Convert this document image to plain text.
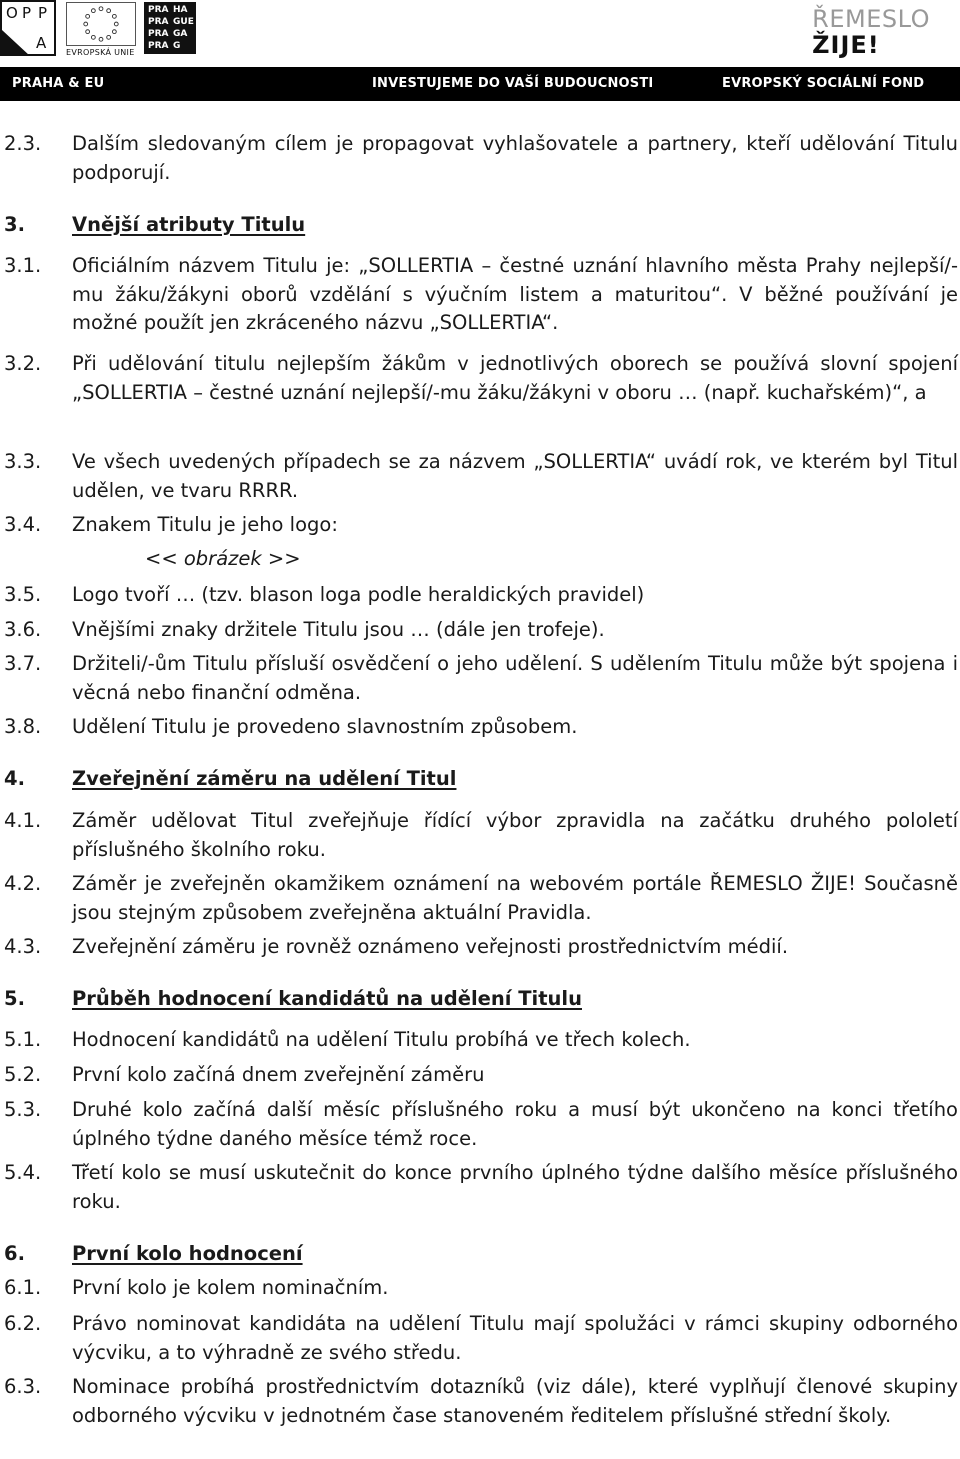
O P P
A
EVROPSKÁ UNIE
PRA HA
PRA GUE
PRA GA
PRA G
ŘEMESLO
ŽIJE!
PRAHA & EU	INVESTUJEME DO VAŠÍ BUDOUCNOSTI	EVROPSKÝ SOCIÁLNÍ FOND
2.3. Dalším sledovaným cílem je propagovat vyhlašovatele a partnery, kteří udělování Titulu podporují.
3. Vnější atributy Titulu
3.1. Oficiálním názvem Titulu je: „SOLLERTIA – čestné uznání hlavního města Prahy nejlepší/-mu žáku/žákyni oborů vzdělání s výučním listem a maturitou“. V běžné používání je možné použít jen zkráceného názvu „SOLLERTIA“.
3.2. Při udělování titulu nejlepším žákům v jednotlivých oborech se používá slovní spojení „SOLLERTIA – čestné uznání nejlepší/-mu žáku/žákyni v oboru … (např. kuchařském)“, a
3.3. Ve všech uvedených případech se za názvem „SOLLERTIA“ uvádí rok, ve kterém byl Titul udělen, ve tvaru RRRR.
3.4. Znakem Titulu je jeho logo:
<< obrázek >>
3.5. Logo tvoří … (tzv. blason loga podle heraldických pravidel)
3.6. Vnějšími znaky držitele Titulu jsou … (dále jen trofeje).
3.7. Držiteli/-ům Titulu přísluší osvědčení o jeho udělení. S udělením Titulu může být spojena i věcná nebo finanční odměna.
3.8. Udělení Titulu je provedeno slavnostním způsobem.
4. Zveřejnění záměru na udělení Titul
4.1. Záměr udělovat Titul zveřejňuje řídící výbor zpravidla na začátku druhého pololetí příslušného školního roku.
4.2. Záměr je zveřejněn okamžikem oznámení na webovém portále ŘEMESLO ŽIJE! Současně jsou stejným způsobem zveřejněna aktuální Pravidla.
4.3. Zveřejnění záměru je rovněž oznámeno veřejnosti prostřednictvím médií.
5. Průběh hodnocení kandidátů na udělení Titulu
5.1. Hodnocení kandidátů na udělení Titulu probíhá ve třech kolech.
5.2. První kolo začíná dnem zveřejnění záměru
5.3. Druhé kolo začíná další měsíc příslušného roku a musí být ukončeno na konci třetího úplného týdne daného měsíce témž roce.
5.4. Třetí kolo se musí uskutečnit do konce prvního úplného týdne dalšího měsíce příslušného roku.
6. První kolo hodnocení
6.1. První kolo je kolem nominačním.
6.2. Právo nominovat kandidáta na udělení Titulu mají spolužáci v rámci skupiny odborného výcviku, a to výhradně ze svého středu.
6.3. Nominace probíhá prostřednictvím dotazníků (viz dále), které vyplňují členové skupiny odborného výcviku v jednotném čase stanoveném ředitelem příslušné střední školy.
